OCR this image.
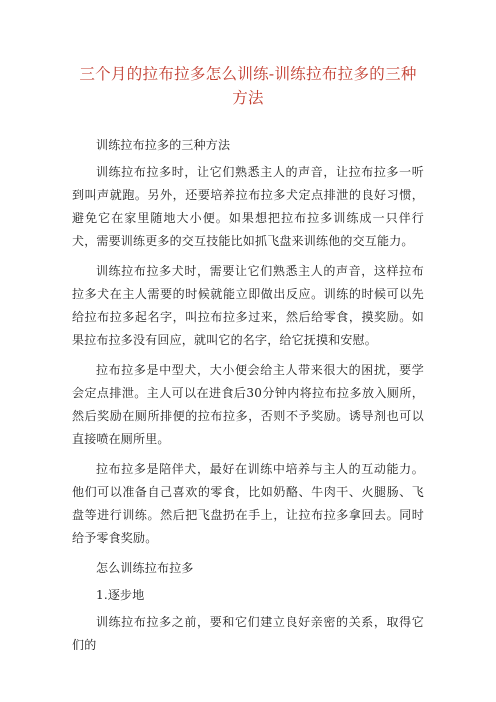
三个月的拉布拉多怎么训练-训练拉布拉多的三种方法

训练拉布拉多的三种方法

训练拉布拉多时，让它们熟悉主人的声音，让拉布拉多一听到叫声就跑。另外，还要培养拉布拉多犬定点排泄的良好习惯，避免它在家里随地大小便。如果想把拉布拉多训练成一只伴行犬，需要训练更多的交互技能比如抓飞盘来训练他的交互能力。

训练拉布拉多犬时，需要让它们熟悉主人的声音，这样拉布拉多犬在主人需要的时候就能立即做出反应。训练的时候可以先给拉布拉多起名字，叫拉布拉多过来，然后给零食，摸奖励。如果拉布拉多没有回应，就叫它的名字，给它抚摸和安慰。

拉布拉多是中型犬，大小便会给主人带来很大的困扰，要学会定点排泄。主人可以在进食后30分钟内将拉布拉多放入厕所，然后奖励在厕所排便的拉布拉多，否则不予奖励。诱导剂也可以直接喷在厕所里。

拉布拉多是陪伴犬，最好在训练中培养与主人的互动能力。他们可以准备自己喜欢的零食，比如奶酪、牛肉干、火腿肠、飞盘等进行训练。然后把飞盘扔在手上，让拉布拉多拿回去。同时给予零食奖励。

怎么训练拉布拉多

1.逐步地

训练拉布拉多之前，要和它们建立良好亲密的关系，取得它们的
